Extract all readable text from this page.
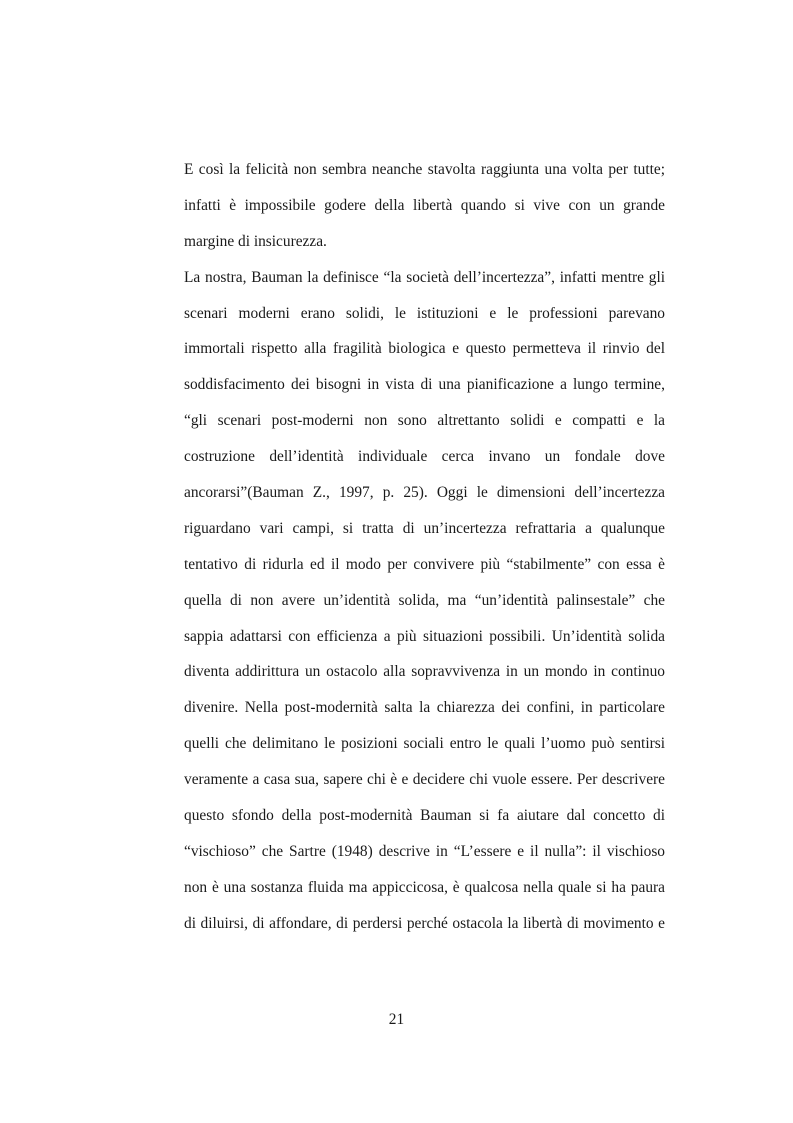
E così la felicità non sembra neanche stavolta raggiunta una volta per tutte;
infatti è impossibile godere della libertà quando si vive con un grande
margine di insicurezza.
La nostra, Bauman la definisce “la società dell’incertezza”, infatti mentre gli
scenari moderni erano solidi, le istituzioni e le professioni parevano
immortali rispetto alla fragilità biologica e questo permetteva il rinvio del
soddisfacimento dei bisogni in vista di una pianificazione a lungo termine,
“gli scenari post-moderni non sono altrettanto solidi e compatti e la
costruzione dell’identità individuale cerca invano un fondale dove
ancorarsi”(Bauman Z., 1997, p. 25). Oggi le dimensioni dell’incertezza
riguardano vari campi, si tratta di un’incertezza refrattaria a qualunque
tentativo di ridurla ed il modo per convivere più “stabilmente” con essa è
quella di non avere un’identità solida, ma “un’identità palinsestale” che
sappia adattarsi con efficienza a più situazioni possibili. Un’identità solida
diventa addirittura un ostacolo alla sopravvivenza in un mondo in continuo
divenire. Nella post-modernità salta la chiarezza dei confini, in particolare
quelli che delimitano le posizioni sociali entro le quali l’uomo può sentirsi
veramente a casa sua, sapere chi è e decidere chi vuole essere. Per descrivere
questo sfondo della post-modernità Bauman si fa aiutare dal concetto di
“vischioso” che Sartre (1948) descrive in “L’essere e il nulla”: il vischioso
non è una sostanza fluida ma appiccicosa, è qualcosa nella quale si ha paura
di diluirsi, di affondare, di perdersi perché ostacola la libertà di movimento e
21
